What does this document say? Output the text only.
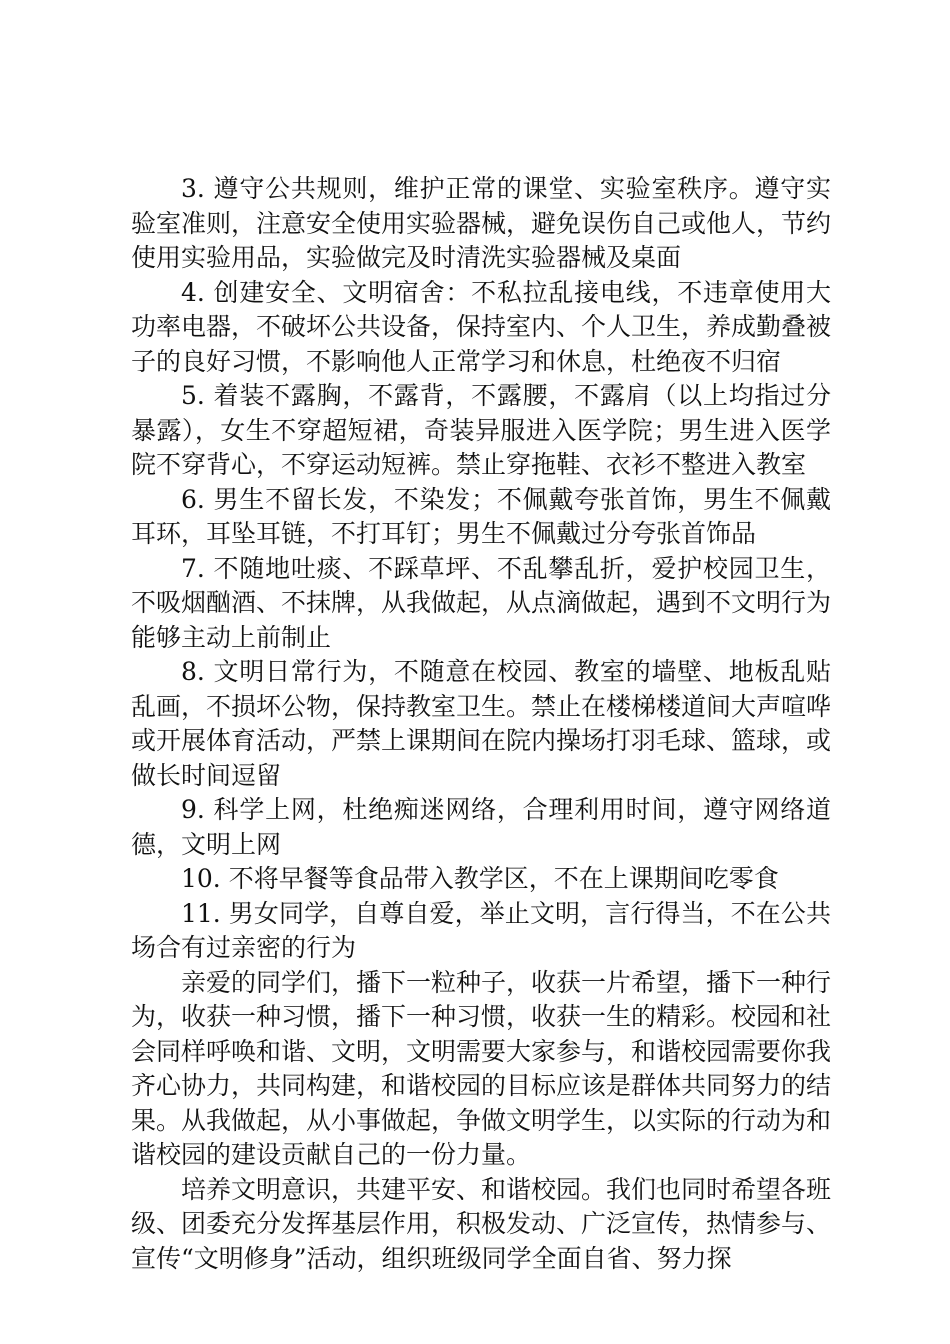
3. 遵守公共规则，维护正常的课堂、实验室秩序。遵守实验室准则，注意安全使用实验器械，避免误伤自己或他人，节约使用实验用品，实验做完及时清洗实验器械及桌面

4. 创建安全、文明宿舍：不私拉乱接电线，不违章使用大功率电器，不破坏公共设备，保持室内、个人卫生，养成勤叠被子的良好习惯，不影响他人正常学习和休息，杜绝夜不归宿

5. 着装不露胸，不露背，不露腰，不露肩（以上均指过分暴露），女生不穿超短裙，奇装异服进入医学院；男生进入医学院不穿背心，不穿运动短裤。禁止穿拖鞋、衣衫不整进入教室

6. 男生不留长发，不染发；不佩戴夸张首饰，男生不佩戴耳环，耳坠耳链，不打耳钉；男生不佩戴过分夸张首饰品

7. 不随地吐痰、不踩草坪、不乱攀乱折，爱护校园卫生，不吸烟酗酒、不抹牌，从我做起，从点滴做起，遇到不文明行为能够主动上前制止

8. 文明日常行为，不随意在校园、教室的墙壁、地板乱贴乱画，不损坏公物，保持教室卫生。禁止在楼梯楼道间大声喧哗或开展体育活动，严禁上课期间在院内操场打羽毛球、篮球，或做长时间逗留

9. 科学上网，杜绝痴迷网络，合理利用时间，遵守网络道德，文明上网

10. 不将早餐等食品带入教学区，不在上课期间吃零食

11. 男女同学，自尊自爱，举止文明，言行得当，不在公共场合有过亲密的行为

亲爱的同学们，播下一粒种子，收获一片希望，播下一种行为，收获一种习惯，播下一种习惯，收获一生的精彩。校园和社会同样呼唤和谐、文明，文明需要大家参与，和谐校园需要你我齐心协力，共同构建，和谐校园的目标应该是群体共同努力的结果。从我做起，从小事做起，争做文明学生，以实际的行动为和谐校园的建设贡献自己的一份力量。

培养文明意识，共建平安、和谐校园。我们也同时希望各班级、团委充分发挥基层作用，积极发动、广泛宣传，热情参与、宣传“文明修身”活动，组织班级同学全面自省、努力探
